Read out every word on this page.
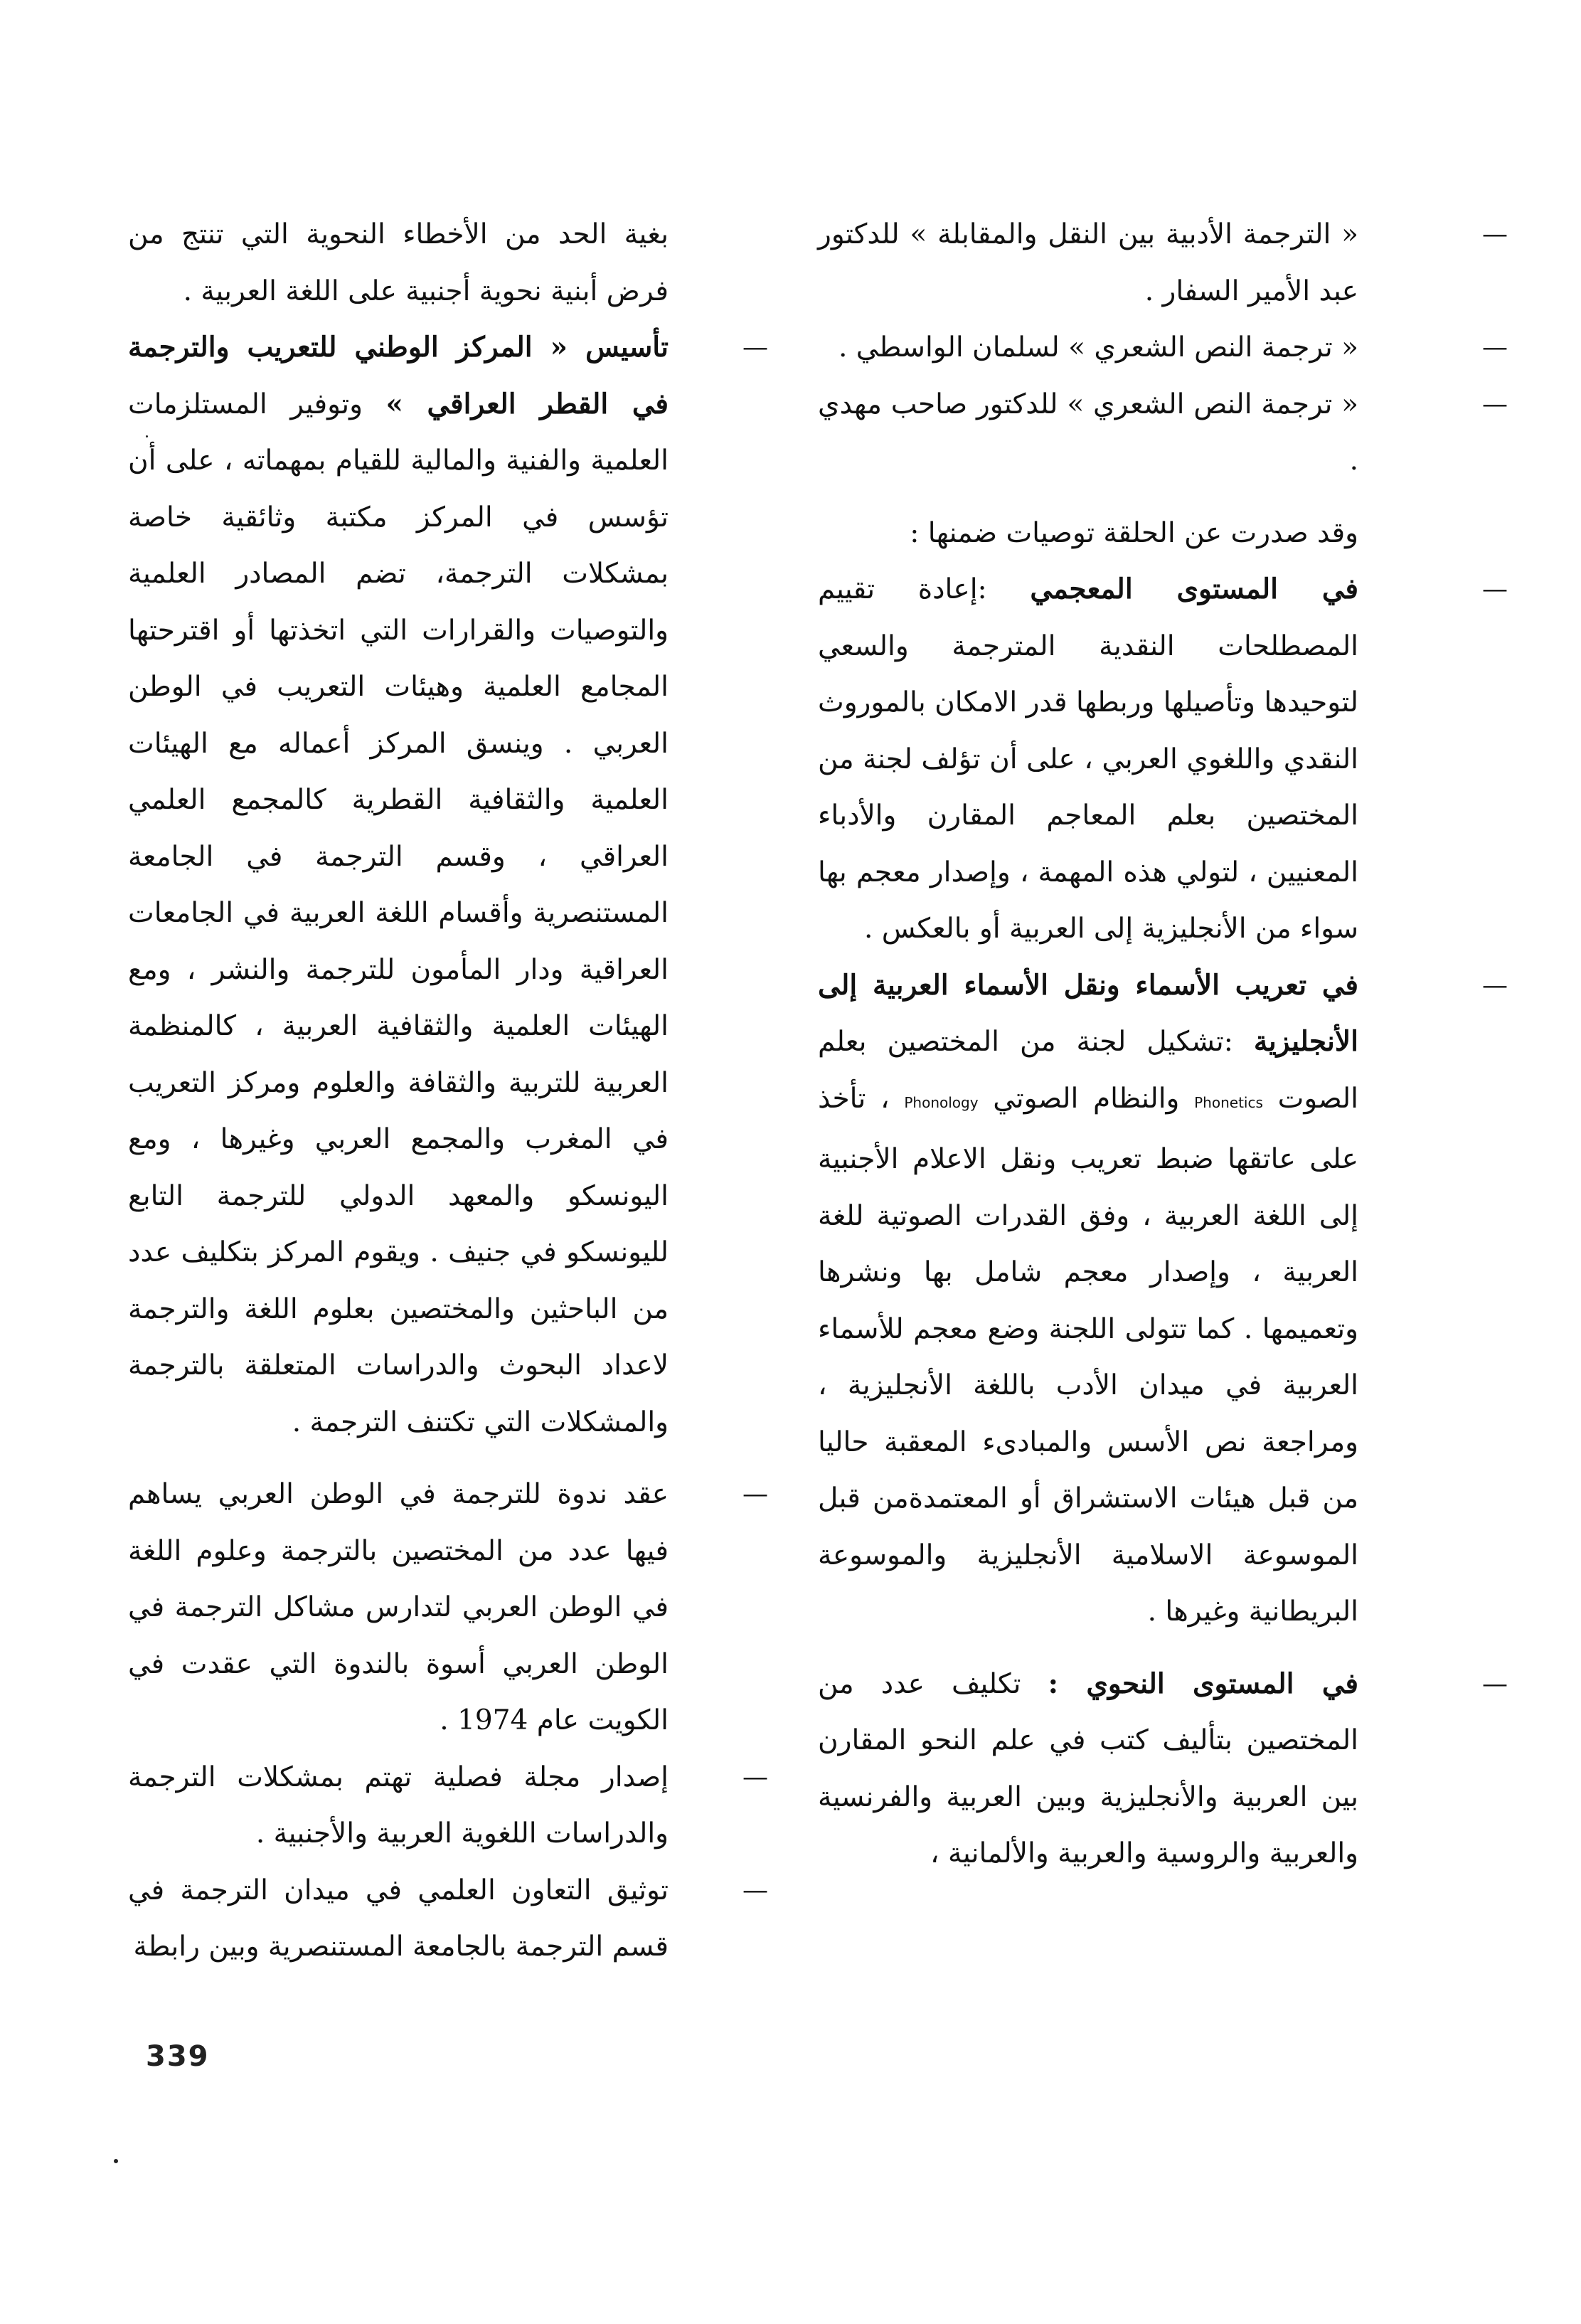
— « الترجمة الأدبية بين النقل والمقابلة » للدكتور عبد الأمير السفار .

— « ترجمة النص الشعري » لسلمان الواسطي .

— « ترجمة النص الشعري » للدكتور صاحب مهدي .

وقد صدرت عن الحلقة توصيات ضمنها :

— في المستوى المعجمي :إعادة تقييم المصطلحات النقدية المترجمة والسعي لتوحيدها وتأصيلها وربطها قدر الامكان بالموروث النقدي واللغوي العربي ، على أن تؤلف لجنة من المختصين بعلم المعاجم المقارن والأدباء المعنيين ، لتولي هذه المهمة ، وإصدار معجم بها سواء من الأنجليزية إلى العربية أو بالعكس .

— في تعريب الأسماء ونقل الأسماء العربية إلى الأنجليزية :تشكيل لجنة من المختصين بعلم الصوت Phonetics والنظام الصوتي Phonology ، تأخذ على عاتقها ضبط تعريب ونقل الاعلام الأجنبية إلى اللغة العربية ، وفق القدرات الصوتية للغة العربية ، وإصدار معجم شامل بها ونشرها وتعميمها . كما تتولى اللجنة وضع معجم للأسماء العربية في ميدان الأدب باللغة الأنجليزية ، ومراجعة نص الأسس والمبادىء المعقبة حاليا من قبل هيئات الاستشراق أو المعتمدةمن قبل الموسوعة الاسلامية الأنجليزية والموسوعة البريطانية وغيرها .

— في المستوى النحوي : تكليف عدد من المختصين بتأليف كتب في علم النحو المقارن بين العربية والأنجليزية وبين العربية والفرنسية والعربية والروسية والعربية والألمانية ،

بغية الحد من الأخطاء النحوية التي تنتج من فرض أبنية نحوية أجنبية على اللغة العربية .

— تأسيس « المركز الوطني للتعريب والترجمة في القطر العراقي » وتوفير المستلزمات العلمية والفنية والمالية للقيام بمهماته ، على أن تؤسس في المركز مكتبة وثائقية خاصة بمشكلات الترجمة، تضم المصادر العلمية والتوصيات والقرارات التي اتخذتها أو اقترحتها المجامع العلمية وهيئات التعريب في الوطن العربي . وينسق المركز أعماله مع الهيئات العلمية والثقافية القطرية كالمجمع العلمي العراقي ، وقسم الترجمة في الجامعة المستنصرية وأقسام اللغة العربية في الجامعات العراقية ودار المأمون للترجمة والنشر ، ومع الهيئات العلمية والثقافية العربية ، كالمنظمة العربية للتربية والثقافة والعلوم ومركز التعريب في المغرب والمجمع العربي وغيرها ، ومع اليونسكو والمعهد الدولي للترجمة التابع لليونسكو في جنيف . ويقوم المركز بتكليف عدد من الباحثين والمختصين بعلوم اللغة والترجمة لاعداد البحوث والدراسات المتعلقة بالترجمة والمشكلات التي تكتنف الترجمة .

— عقد ندوة للترجمة في الوطن العربي يساهم فيها عدد من المختصين بالترجمة وعلوم اللغة في الوطن العربي لتدارس مشاكل الترجمة في الوطن العربي أسوة بالندوة التي عقدت في الكويت عام 1974 .

— إصدار مجلة فصلية تهتم بمشكلات الترجمة والدراسات اللغوية العربية والأجنبية .

— توثيق التعاون العلمي في ميدان الترجمة في قسم الترجمة بالجامعة المستنصرية وبين رابطة

339
